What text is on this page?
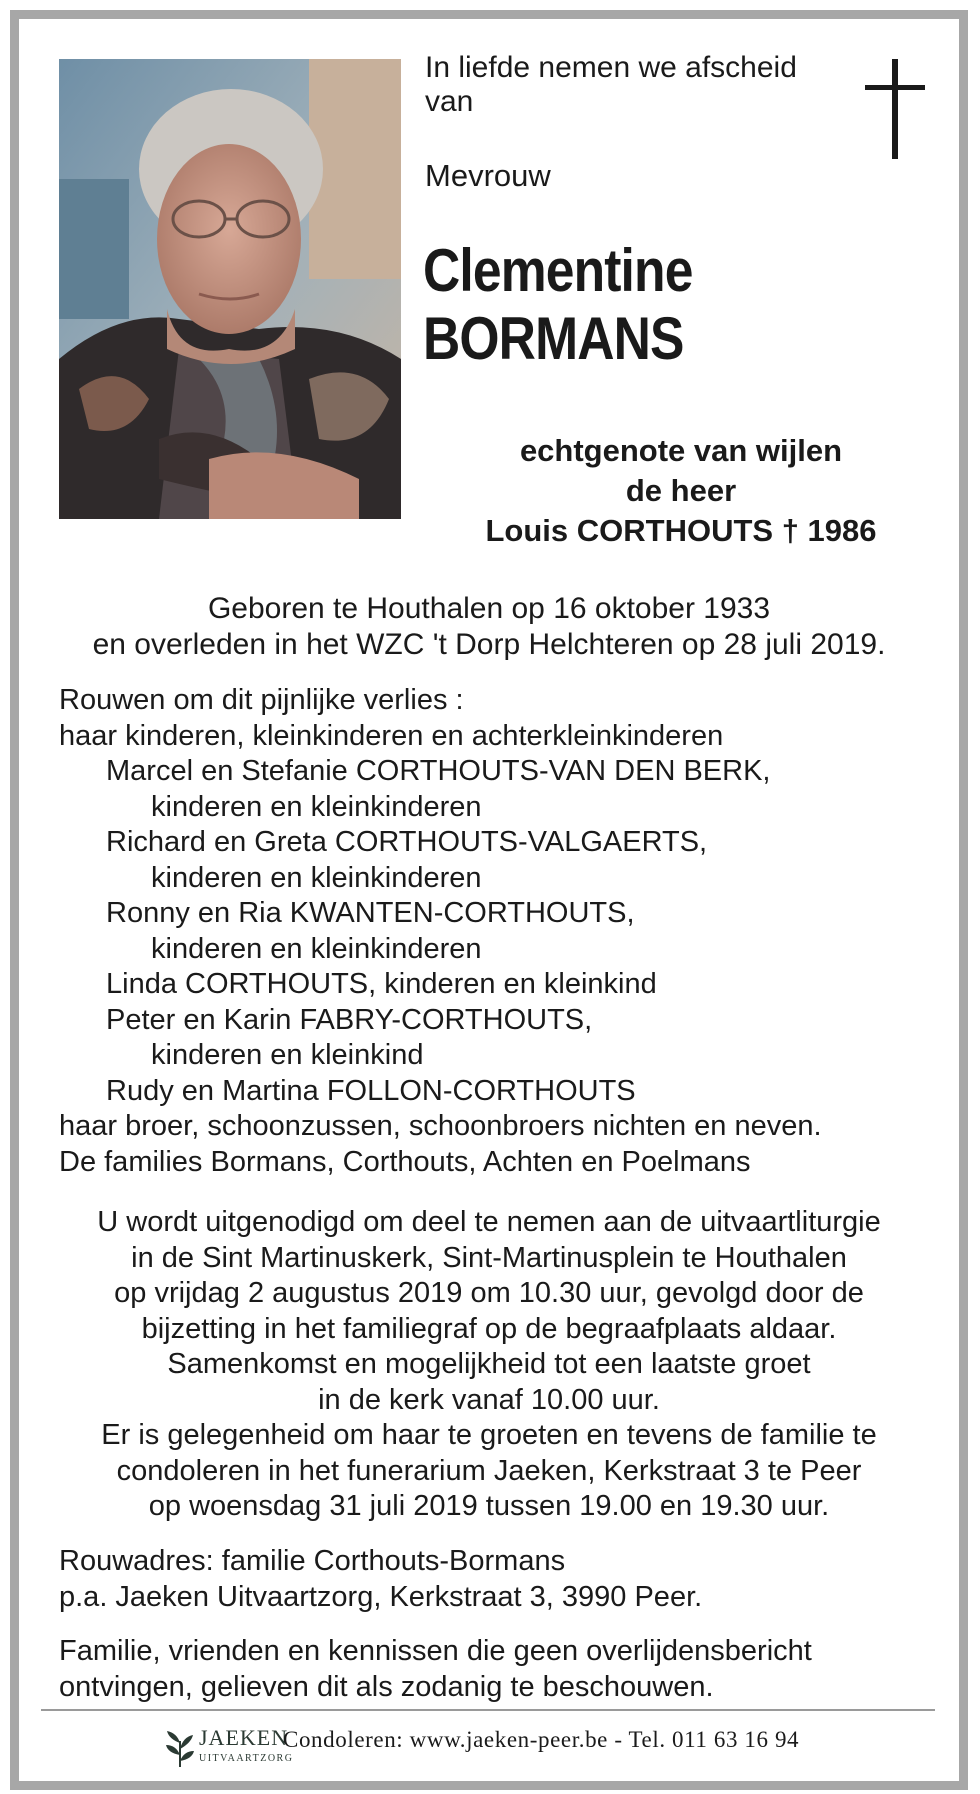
In liefde nemen we afscheid van
Mevrouw
Clementine
BORMANS
echtgenote van wijlen
de heer
Louis CORTHOUTS † 1986
Geboren te Houthalen op 16 oktober 1933
en overleden in het WZC 't Dorp Helchteren op 28 juli 2019.
Rouwen om dit pijnlijke verlies :
haar kinderen, kleinkinderen en achterkleinkinderen
Marcel en Stefanie CORTHOUTS-VAN DEN BERK,
kinderen en kleinkinderen
Richard en Greta CORTHOUTS-VALGAERTS,
kinderen en kleinkinderen
Ronny en Ria KWANTEN-CORTHOUTS,
kinderen en kleinkinderen
Linda CORTHOUTS, kinderen en kleinkind
Peter en Karin FABRY-CORTHOUTS,
kinderen en kleinkind
Rudy en Martina FOLLON-CORTHOUTS
haar broer, schoonzussen, schoonbroers nichten en neven.
De families Bormans, Corthouts, Achten en Poelmans
U wordt uitgenodigd om deel te nemen aan de uitvaartliturgie
in de Sint Martinuskerk, Sint-Martinusplein te Houthalen
op vrijdag 2 augustus 2019 om 10.30 uur, gevolgd door de
bijzetting in het familiegraf op de begraafplaats aldaar.
Samenkomst en mogelijkheid tot een laatste groet
in de kerk vanaf 10.00 uur.
Er is gelegenheid om haar te groeten en tevens de familie te
condoleren in het funerarium Jaeken, Kerkstraat 3 te Peer
op woensdag 31 juli 2019 tussen 19.00 en 19.30 uur.
Rouwadres: familie Corthouts-Bormans
p.a. Jaeken Uitvaartzorg, Kerkstraat 3, 3990 Peer.
Familie, vrienden en kennissen die geen overlijdensbericht
ontvingen, gelieven dit als zodanig te beschouwen.
JAEKEN
UITVAARTZORG
Condoleren: www.jaeken-peer.be - Tel. 011 63 16 94
